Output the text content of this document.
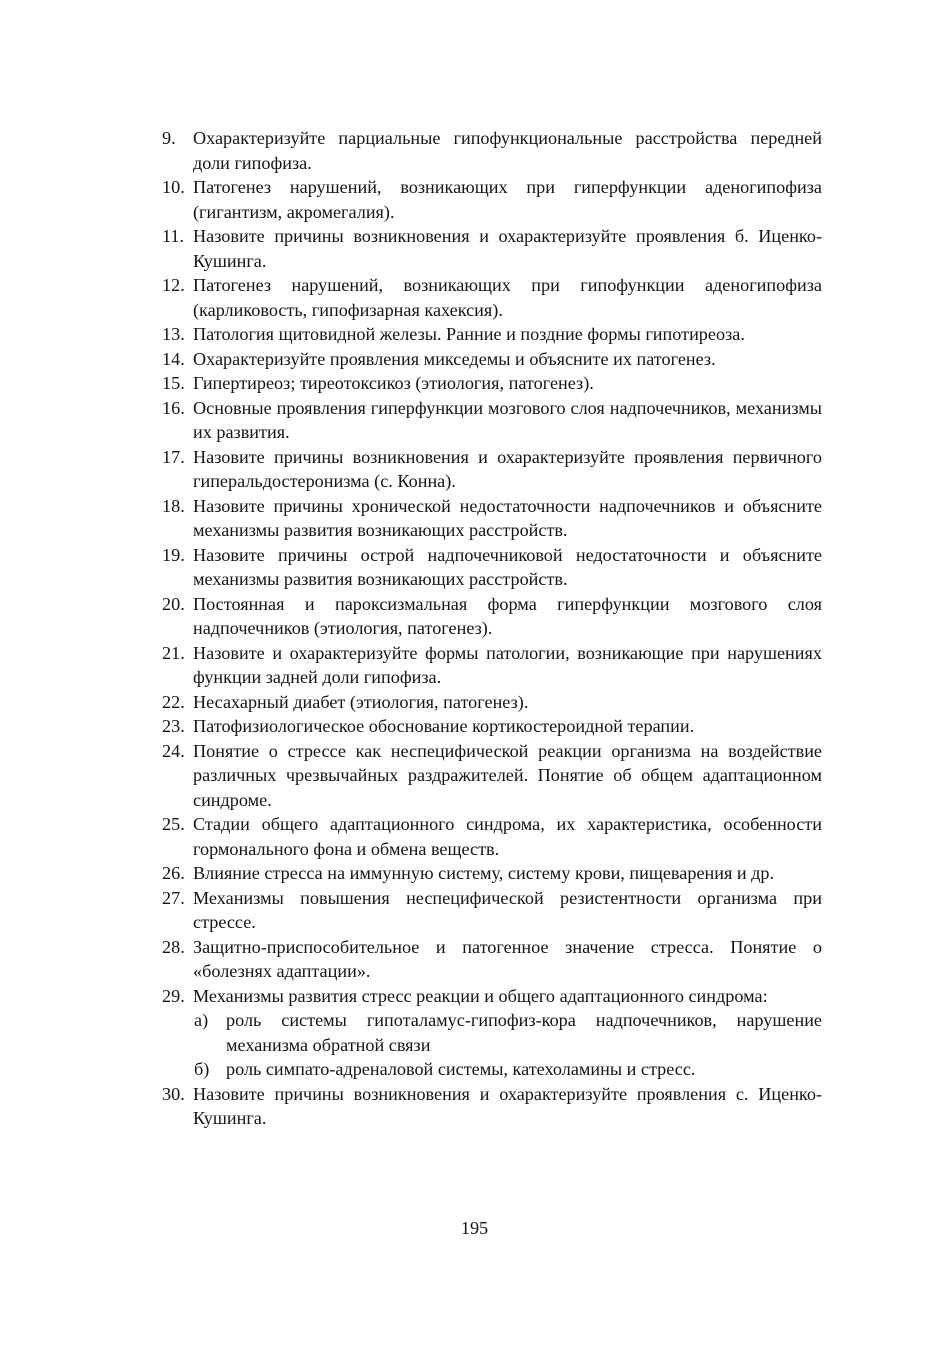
9. Охарактеризуйте парциальные гипофункциональные расстройства передней доли гипофиза.
10. Патогенез нарушений, возникающих при гиперфункции аденогипофиза (гигантизм, акромегалия).
11. Назовите причины возникновения и охарактеризуйте проявления б. Иценко-Кушинга.
12. Патогенез нарушений, возникающих при гипофункции аденогипофиза (карликовость, гипофизарная кахексия).
13. Патология щитовидной железы. Ранние и поздние формы гипотиреоза.
14. Охарактеризуйте проявления микседемы и объясните их патогенез.
15. Гипертиреоз; тиреотоксикоз (этиология, патогенез).
16. Основные проявления гиперфункции мозгового слоя надпочечников, механизмы их развития.
17. Назовите причины возникновения и охарактеризуйте проявления первичного гиперальдостеронизма (с. Конна).
18. Назовите причины хронической недостаточности надпочечников и объясните механизмы развития возникающих расстройств.
19. Назовите причины острой надпочечниковой недостаточности и объясните механизмы развития возникающих расстройств.
20. Постоянная и пароксизмальная форма гиперфункции мозгового слоя надпочечников (этиология, патогенез).
21. Назовите и охарактеризуйте формы патологии, возникающие при нарушениях функции задней доли гипофиза.
22. Несахарный диабет (этиология, патогенез).
23. Патофизиологическое обоснование кортикостероидной терапии.
24. Понятие о стрессе как неспецифической реакции организма на воздействие различных чрезвычайных раздражителей. Понятие об общем адаптационном синдроме.
25. Стадии общего адаптационного синдрома, их характеристика, особенности гормонального фона и обмена веществ.
26. Влияние стресса на иммунную систему, систему крови, пищеварения и др.
27. Механизмы повышения неспецифической резистентности организма при стрессе.
28. Защитно-приспособительное и патогенное значение стресса. Понятие о «болезнях адаптации».
29. Механизмы развития стресс реакции и общего адаптационного синдрома:
а) роль системы гипоталамус-гипофиз-кора надпочечников, нарушение механизма обратной связи
б) роль симпато-адреналовой системы, катехоламины и стресс.
30. Назовите причины возникновения и охарактеризуйте проявления с. Иценко-Кушинга.
195
